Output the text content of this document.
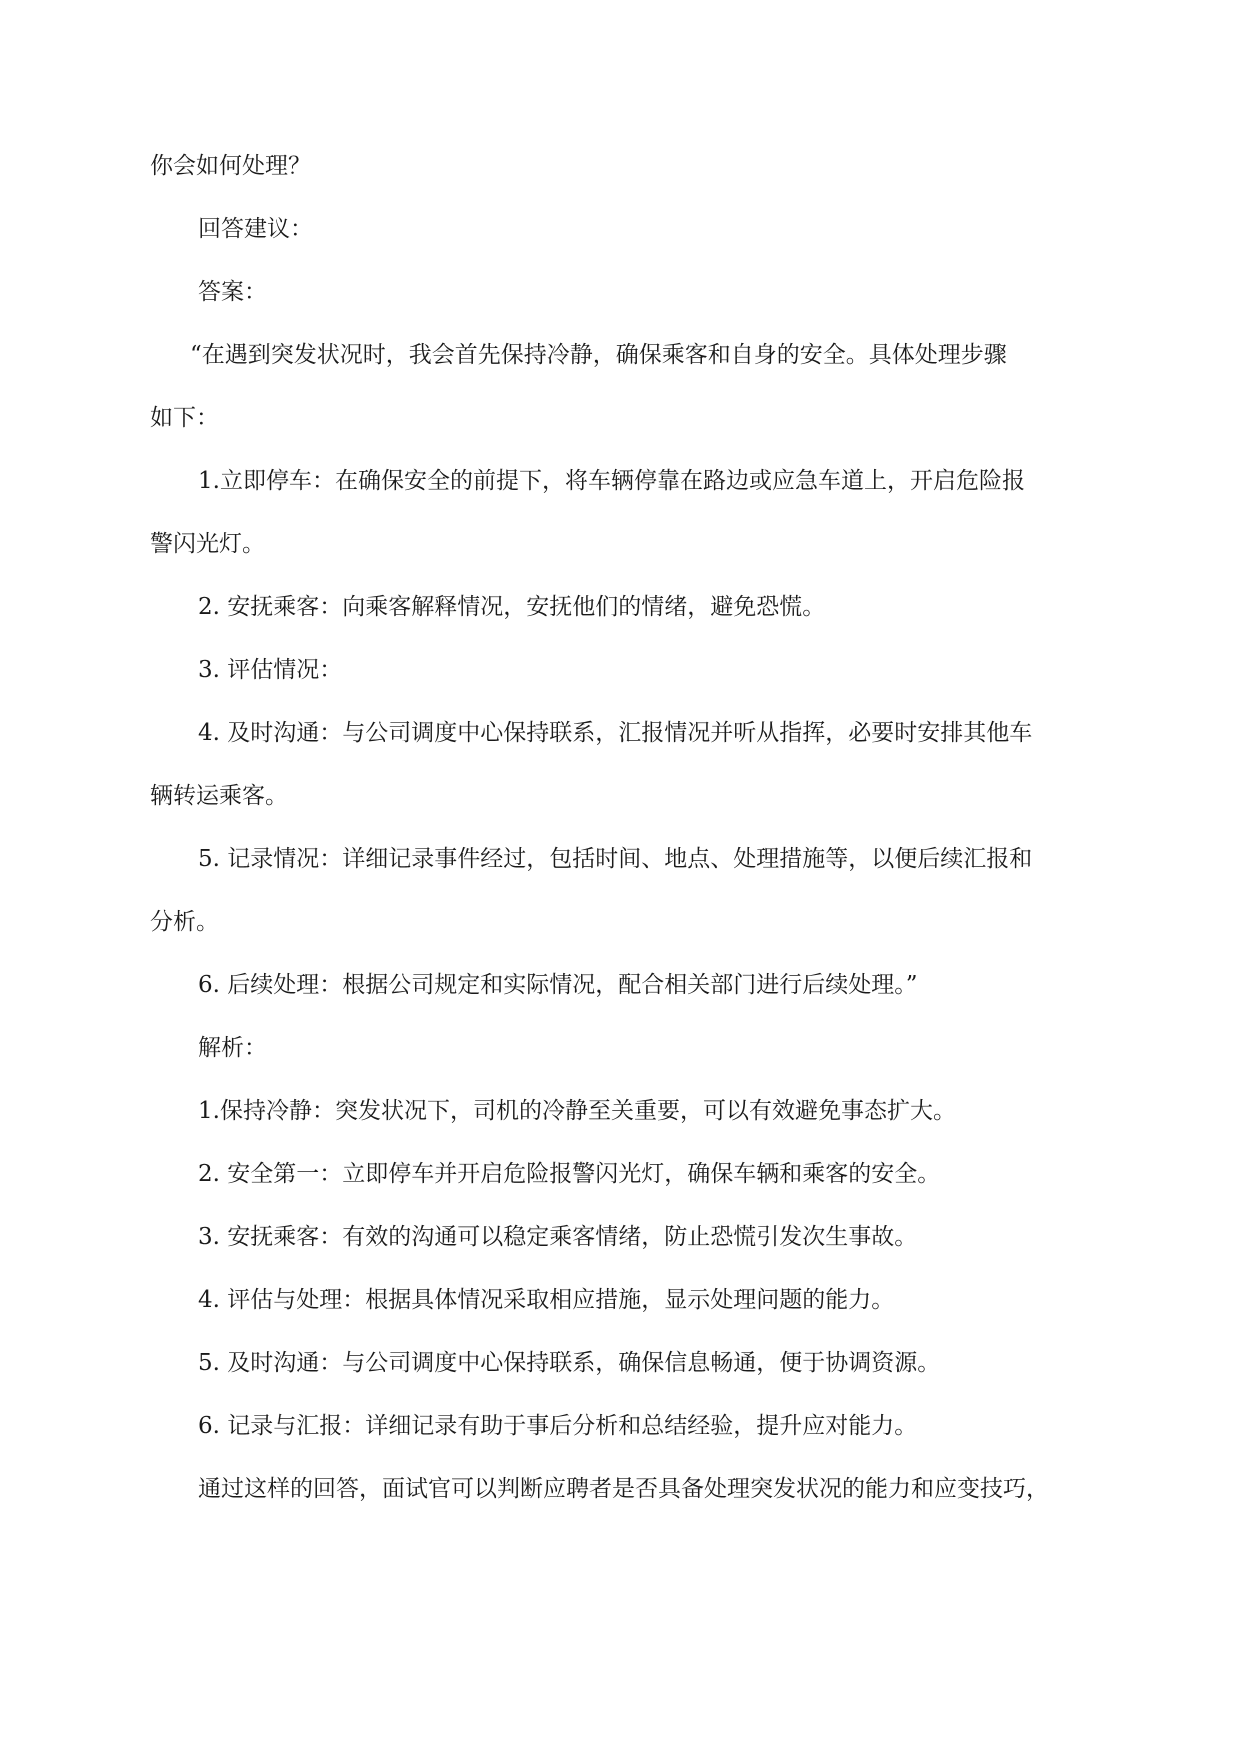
你会如何处理？
回答建议：
答案：
“在遇到突发状况时，我会首先保持冷静，确保乘客和自身的安全。具体处理步骤
如下：
1.立即停车：在确保安全的前提下，将车辆停靠在路边或应急车道上，开启危险报
警闪光灯。
2. 安抚乘客：向乘客解释情况，安抚他们的情绪，避免恐慌。
3. 评估情况：
4. 及时沟通：与公司调度中心保持联系，汇报情况并听从指挥，必要时安排其他车
辆转运乘客。
5. 记录情况：详细记录事件经过，包括时间、地点、处理措施等，以便后续汇报和
分析。
6. 后续处理：根据公司规定和实际情况，配合相关部门进行后续处理。”
解析：
1.保持冷静：突发状况下，司机的冷静至关重要，可以有效避免事态扩大。
2. 安全第一：立即停车并开启危险报警闪光灯，确保车辆和乘客的安全。
3. 安抚乘客：有效的沟通可以稳定乘客情绪，防止恐慌引发次生事故。
4. 评估与处理：根据具体情况采取相应措施，显示处理问题的能力。
5. 及时沟通：与公司调度中心保持联系，确保信息畅通，便于协调资源。
6. 记录与汇报：详细记录有助于事后分析和总结经验，提升应对能力。
通过这样的回答，面试官可以判断应聘者是否具备处理突发状况的能力和应变技巧，
